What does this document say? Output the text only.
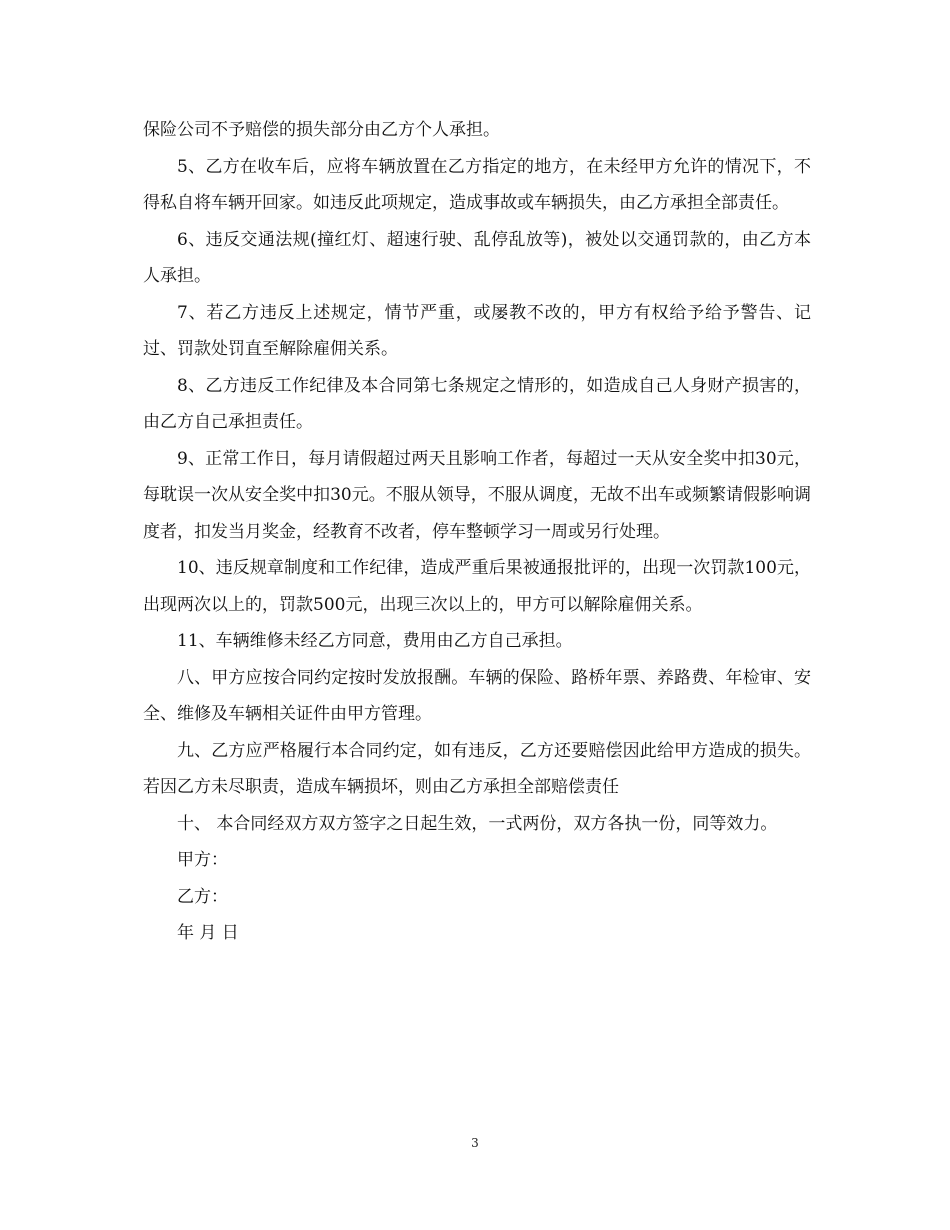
保险公司不予赔偿的损失部分由乙方个人承担。

5、乙方在收车后，应将车辆放置在乙方指定的地方，在未经甲方允许的情况下，不得私自将车辆开回家。如违反此项规定，造成事故或车辆损失，由乙方承担全部责任。

6、违反交通法规(撞红灯、超速行驶、乱停乱放等)，被处以交通罚款的，由乙方本人承担。

7、若乙方违反上述规定，情节严重，或屡教不改的，甲方有权给予给予警告、记过、罚款处罚直至解除雇佣关系。

8、乙方违反工作纪律及本合同第七条规定之情形的，如造成自己人身财产损害的，由乙方自己承担责任。

9、正常工作日，每月请假超过两天且影响工作者，每超过一天从安全奖中扣30元，每耽误一次从安全奖中扣30元。不服从领导，不服从调度，无故不出车或频繁请假影响调度者，扣发当月奖金，经教育不改者，停车整顿学习一周或另行处理。

10、违反规章制度和工作纪律，造成严重后果被通报批评的，出现一次罚款100元，出现两次以上的，罚款500元，出现三次以上的，甲方可以解除雇佣关系。

11、车辆维修未经乙方同意，费用由乙方自己承担。

八、甲方应按合同约定按时发放报酬。车辆的保险、路桥年票、养路费、年检审、安全、维修及车辆相关证件由甲方管理。

九、乙方应严格履行本合同约定，如有违反，乙方还要赔偿因此给甲方造成的损失。若因乙方未尽职责，造成车辆损坏，则由乙方承担全部赔偿责任

十、 本合同经双方双方签字之日起生效，一式两份，双方各执一份，同等效力。

甲方：

乙方：

年 月 日

3
